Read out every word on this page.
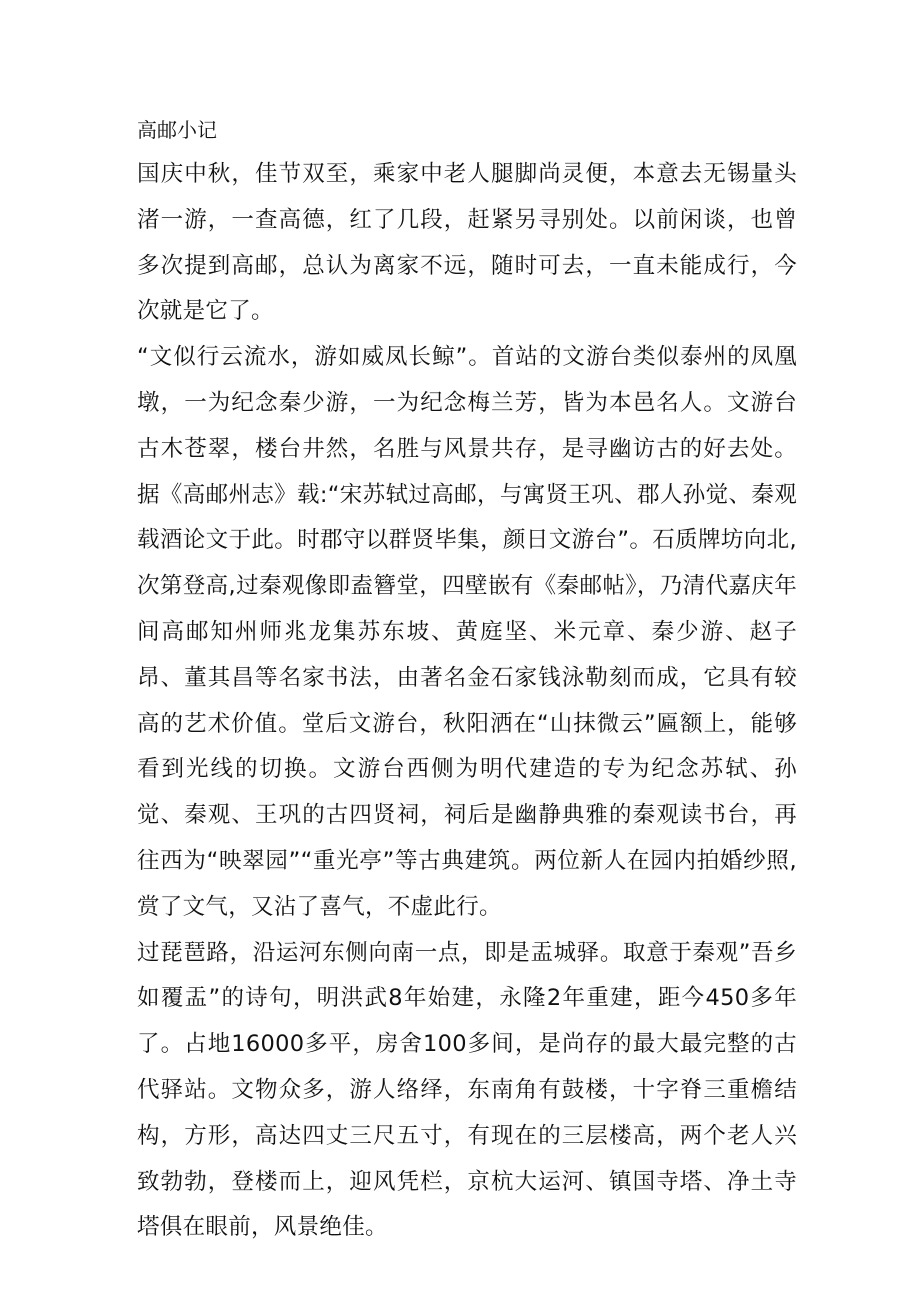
高邮小记

国庆中秋，佳节双至，乘家中老人腿脚尚灵便，本意去无锡量头渚一游，一查高德，红了几段，赶紧另寻别处。以前闲谈，也曾多次提到高邮，总认为离家不远，随时可去，一直未能成行，今次就是它了。

“文似行云流水，游如威凤长鲸”。首站的文游台类似泰州的凤凰墩，一为纪念秦少游，一为纪念梅兰芳，皆为本邑名人。文游台古木苍翠，楼台井然，名胜与风景共存，是寻幽访古的好去处。据《高邮州志》载:“宋苏轼过高邮，与寓贤王巩、郡人孙觉、秦观载酒论文于此。时郡守以群贤毕集，颜日文游台”。石质牌坊向北,次第登高,过秦观像即盍簪堂，四壁嵌有《秦邮帖》，乃清代嘉庆年间高邮知州师兆龙集苏东坡、黄庭坚、米元章、秦少游、赵子昂、董其昌等名家书法，由著名金石家钱泳勒刻而成，它具有较高的艺术价值。堂后文游台，秋阳洒在“山抹微云”匾额上，能够看到光线的切换。文游台西侧为明代建造的专为纪念苏轼、孙觉、秦观、王巩的古四贤祠，祠后是幽静典雅的秦观读书台，再往西为“映翠园”“重光亭”等古典建筑。两位新人在园内拍婚纱照,赏了文气，又沾了喜气，不虚此行。

过琵琶路，沿运河东侧向南一点，即是盂城驿。取意于秦观”吾乡如覆盂”的诗句，明洪武8年始建，永隆2年重建，距今450多年了。占地16000多平，房舍100多间，是尚存的最大最完整的古代驿站。文物众多，游人络绎，东南角有鼓楼，十字脊三重檐结构，方形，高达四丈三尺五寸，有现在的三层楼高，两个老人兴致勃勃，登楼而上，迎风凭栏，京杭大运河、镇国寺塔、净土寺塔俱在眼前，风景绝佳。
